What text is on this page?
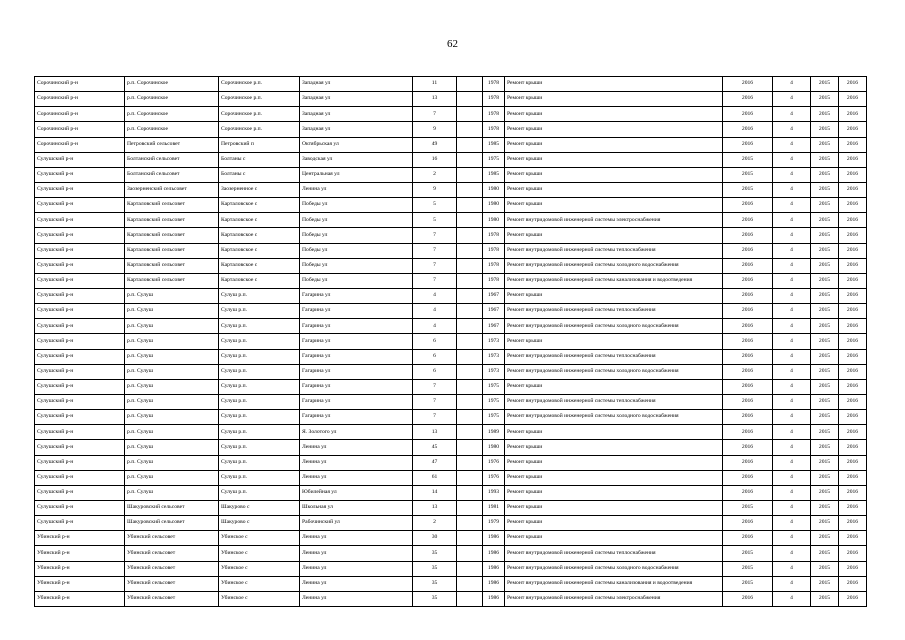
62
Сорочинский р-н	р.п. Сорочинское	Сорочинское р.п.	Западная ул	11		1978	Ремонт крыши	2016	4	2015	2016
Сорочинский р-н	р.п. Сорочинское	Сорочинское р.п.	Западная ул	13		1978	Ремонт крыши	2016	4	2015	2016
Сорочинский р-н	р.п. Сорочинское	Сорочинское р.п.	Западная ул	7		1978	Ремонт крыши	2016	4	2015	2016
Сорочинский р-н	р.п. Сорочинское	Сорочинское р.п.	Западная ул	9		1978	Ремонт крыши	2016	4	2015	2016
Сорочинский р-н	Петровский сельсовет	Петровский п	Октябрьская ул	49		1985	Ремонт крыши	2016	4	2015	2016
Сулушский р-н	Болтанский сельсовет	Болтаны с	Заводская ул	16		1975	Ремонт крыши	2015	4	2015	2016
Сулушский р-н	Болтанский сельсовет	Болтаны с	Центральная ул	2		1985	Ремонт крыши	2015	4	2015	2016
Сулушский р-н	Заозерненский сельсовет	Заозерненное с	Ленина ул	9		1980	Ремонт крыши	2015	4	2015	2016
Сулушский р-н	Карталовский сельсовет	Карталовское с	Победы ул	5		1980	Ремонт крыши	2016	4	2015	2016
Сулушский р-н	Карталовский сельсовет	Карталовское с	Победы ул	5		1980	Ремонт внутридомовой инженерной системы электроснабжения	2016	4	2015	2016
Сулушский р-н	Карталовский сельсовет	Карталовское с	Победы ул	7		1978	Ремонт крыши	2016	4	2015	2016
Сулушский р-н	Карталовский сельсовет	Карталовское с	Победы ул	7		1978	Ремонт внутридомовой инженерной системы теплоснабжения	2016	4	2015	2016
Сулушский р-н	Карталовский сельсовет	Карталовское с	Победы ул	7		1978	Ремонт внутридомовой инженерной системы холодного водоснабжения	2016	4	2015	2016
Сулушский р-н	Карталовский сельсовет	Карталовское с	Победы ул	7		1978	Ремонт внутридомовой инженерной системы канализования и водоотведения	2016	4	2015	2016
Сулушский р-н	р.п. Сулуш	Сулуш р.п.	Гагарина ул	4		1967	Ремонт крыши	2016	4	2015	2016
Сулушский р-н	р.п. Сулуш	Сулуш р.п.	Гагарина ул	4		1967	Ремонт внутридомовой инженерной системы теплоснабжения	2016	4	2015	2016
Сулушский р-н	р.п. Сулуш	Сулуш р.п.	Гагарина ул	4		1967	Ремонт внутридомовой инженерной системы холодного водоснабжения	2016	4	2015	2016
Сулушский р-н	р.п. Сулуш	Сулуш р.п.	Гагарина ул	6		1973	Ремонт крыши	2016	4	2015	2016
Сулушский р-н	р.п. Сулуш	Сулуш р.п.	Гагарина ул	6		1973	Ремонт внутридомовой инженерной системы теплоснабжения	2016	4	2015	2016
Сулушский р-н	р.п. Сулуш	Сулуш р.п.	Гагарина ул	6		1973	Ремонт внутридомовой инженерной системы холодного водоснабжения	2016	4	2015	2016
Сулушский р-н	р.п. Сулуш	Сулуш р.п.	Гагарина ул	7		1975	Ремонт крыши	2016	4	2015	2016
Сулушский р-н	р.п. Сулуш	Сулуш р.п.	Гагарина ул	7		1975	Ремонт внутридомовой инженерной системы теплоснабжения	2016	4	2015	2016
Сулушский р-н	р.п. Сулуш	Сулуш р.п.	Гагарина ул	7		1975	Ремонт внутридомовой инженерной системы холодного водоснабжения	2016	4	2015	2016
Сулушский р-н	р.п. Сулуш	Сулуш р.п.	Я. Золотого ул	13		1989	Ремонт крыши	2016	4	2015	2016
Сулушский р-н	р.п. Сулуш	Сулуш р.п.	Ленина ул	45		1980	Ремонт крыши	2016	4	2015	2016
Сулушский р-н	р.п. Сулуш	Сулуш р.п.	Ленина ул	47		1976	Ремонт крыши	2016	4	2015	2016
Сулушский р-н	р.п. Сулуш	Сулуш р.п.	Ленина ул	61		1976	Ремонт крыши	2016	4	2015	2016
Сулушский р-н	р.п. Сулуш	Сулуш р.п.	Юбилейная ул	14		1993	Ремонт крыши	2016	4	2015	2016
Сулушский р-н	Шакуровский сельсовет	Шакурово с	Школьная ул	13		1981	Ремонт крыши	2015	4	2015	2016
Сулушский р-н	Шакуровский сельсовет	Шакурово с	Рабочинский ул	2		1979	Ремонт крыши	2016	4	2015	2016
Убинский р-н	Убинский сельсовет	Убинское с	Ленина ул	30		1986	Ремонт крыши	2016	4	2015	2016
Убинский р-н	Убинский сельсовет	Убинское с	Ленина ул	35		1986	Ремонт внутридомовой инженерной системы теплоснабжения	2015	4	2015	2016
Убинский р-н	Убинский сельсовет	Убинское с	Ленина ул	35		1986	Ремонт внутридомовой инженерной системы холодного водоснабжения	2015	4	2015	2016
Убинский р-н	Убинский сельсовет	Убинское с	Ленина ул	35		1986	Ремонт внутридомовой инженерной системы канализования и водоотведения	2015	4	2015	2016
Убинский р-н	Убинский сельсовет	Убинское с	Ленина ул	35		1986	Ремонт внутридомовой инженерной системы электроснабжения	2016	4	2015	2016
